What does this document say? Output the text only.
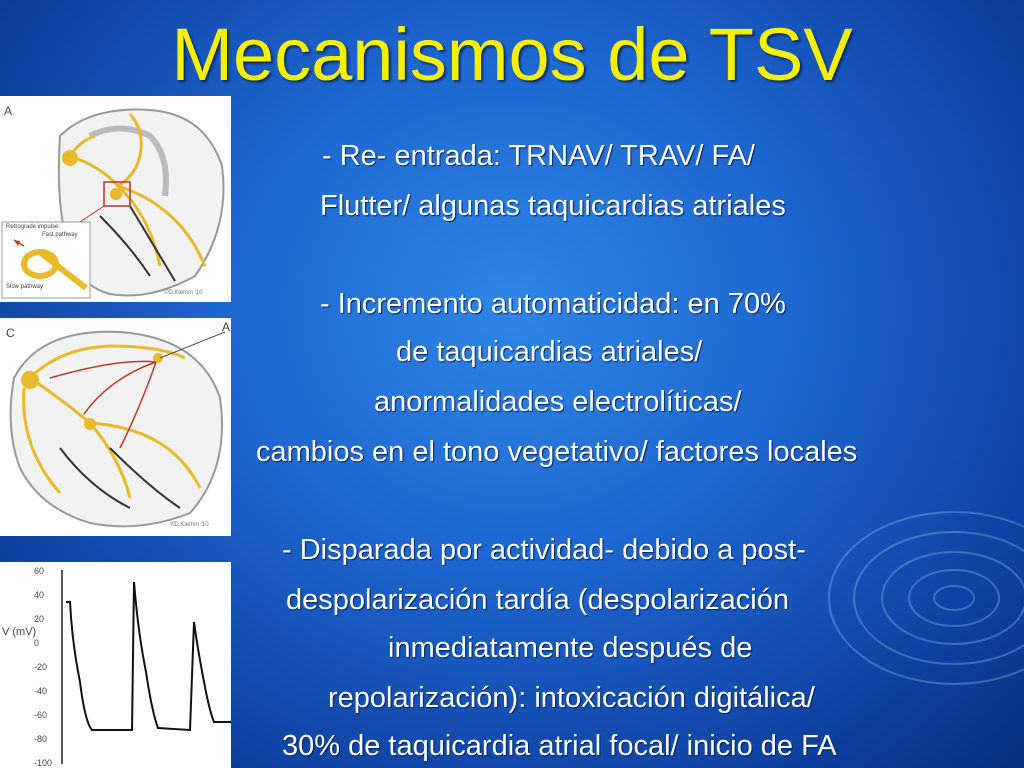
Mecanismos de TSV
A
Retrograde impulse
Fast pathway
Slow pathway
©D.Klemm '10
C	A
©D.Klemm '10
V (mV)
60
40
20
0
-20
-40
-60
-80
-100
- Re- entrada: TRNAV/ TRAV/ FA/
Flutter/ algunas taquicardias atriales
- Incremento automaticidad: en 70%
de taquicardias atriales/
anormalidades electrolíticas/
cambios en el tono vegetativo/ factores locales
- Disparada por actividad- debido a post-
despolarización tardía (despolarización
inmediatamente después de
repolarización): intoxicación digitálica/
30% de taquicardia atrial focal/ inicio de FA
